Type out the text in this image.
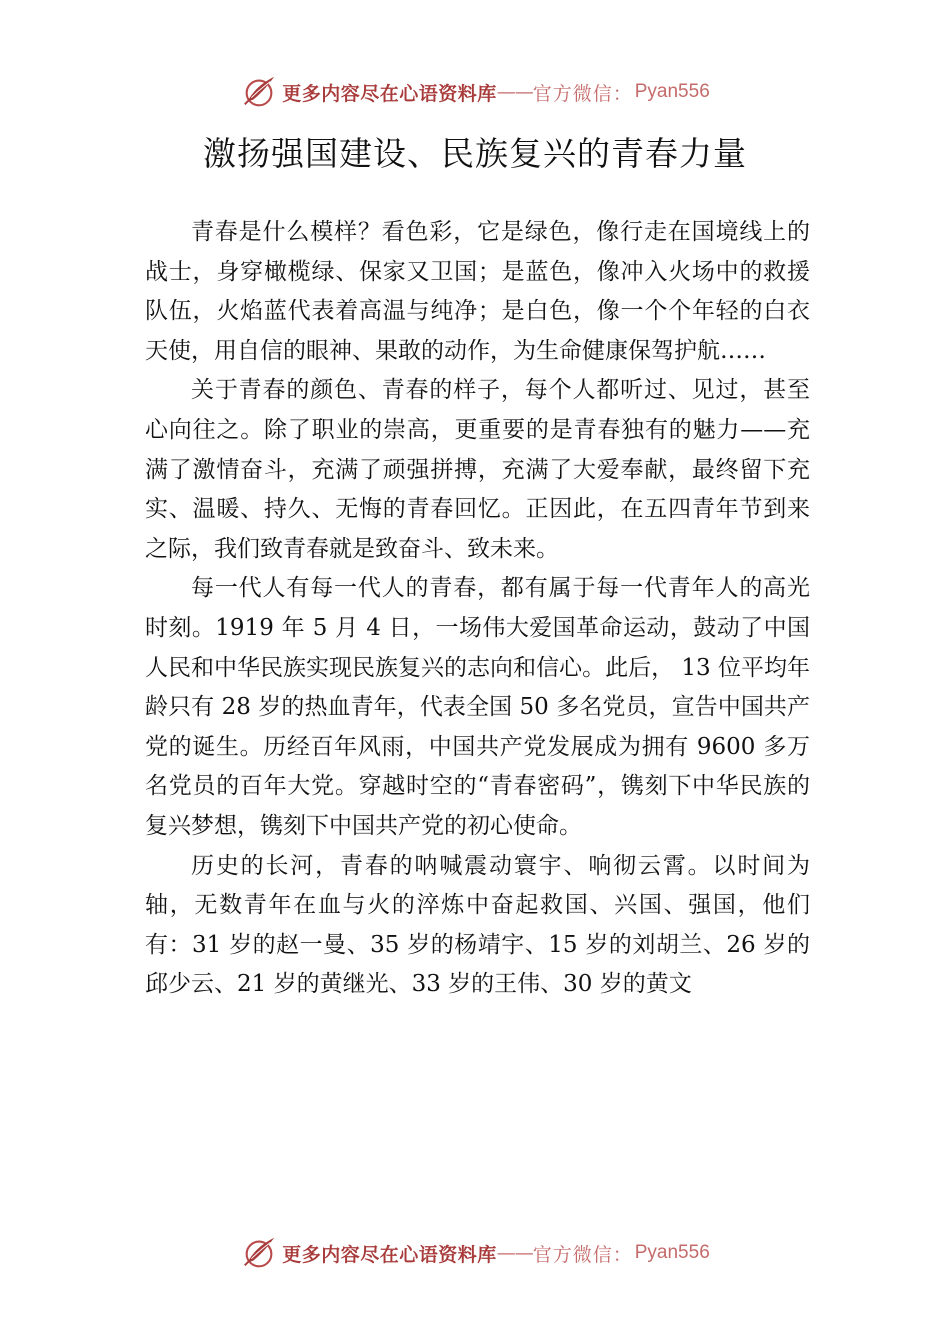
更多内容尽在心语资料库 —— 官方微信： Pyan556
激扬强国建设、民族复兴的青春力量

青春是什么模样？看色彩，它是绿色，像行走在国境线上的战士，身穿橄榄绿、保家又卫国；是蓝色，像冲入火场中的救援队伍，火焰蓝代表着高温与纯净；是白色，像一个个年轻的白衣天使，用自信的眼神、果敢的动作，为生命健康保驾护航……

关于青春的颜色、青春的样子，每个人都听过、见过，甚至心向往之。除了职业的崇高，更重要的是青春独有的魅力——充满了激情奋斗，充满了顽强拼搏，充满了大爱奉献，最终留下充实、温暖、持久、无悔的青春回忆。正因此，在五四青年节到来之际，我们致青春就是致奋斗、致未来。

每一代人有每一代人的青春，都有属于每一代青年人的高光时刻。1919 年 5 月 4 日，一场伟大爱国革命运动，鼓动了中国人民和中华民族实现民族复兴的志向和信心。此后， 13 位平均年龄只有 28 岁的热血青年，代表全国 50 多名党员，宣告中国共产党的诞生。历经百年风雨，中国共产党发展成为拥有 9600 多万名党员的百年大党。穿越时空的“青春密码”，镌刻下中华民族的复兴梦想，镌刻下中国共产党的初心使命。

历史的长河，青春的呐喊震动寰宇、响彻云霄。以时间为轴，无数青年在血与火的淬炼中奋起救国、兴国、强国，他们有：31 岁的赵一曼、35 岁的杨靖宇、15 岁的刘胡兰、26 岁的邱少云、21 岁的黄继光、33 岁的王伟、30 岁的黄文

更多内容尽在心语资料库 —— 官方微信： Pyan556
